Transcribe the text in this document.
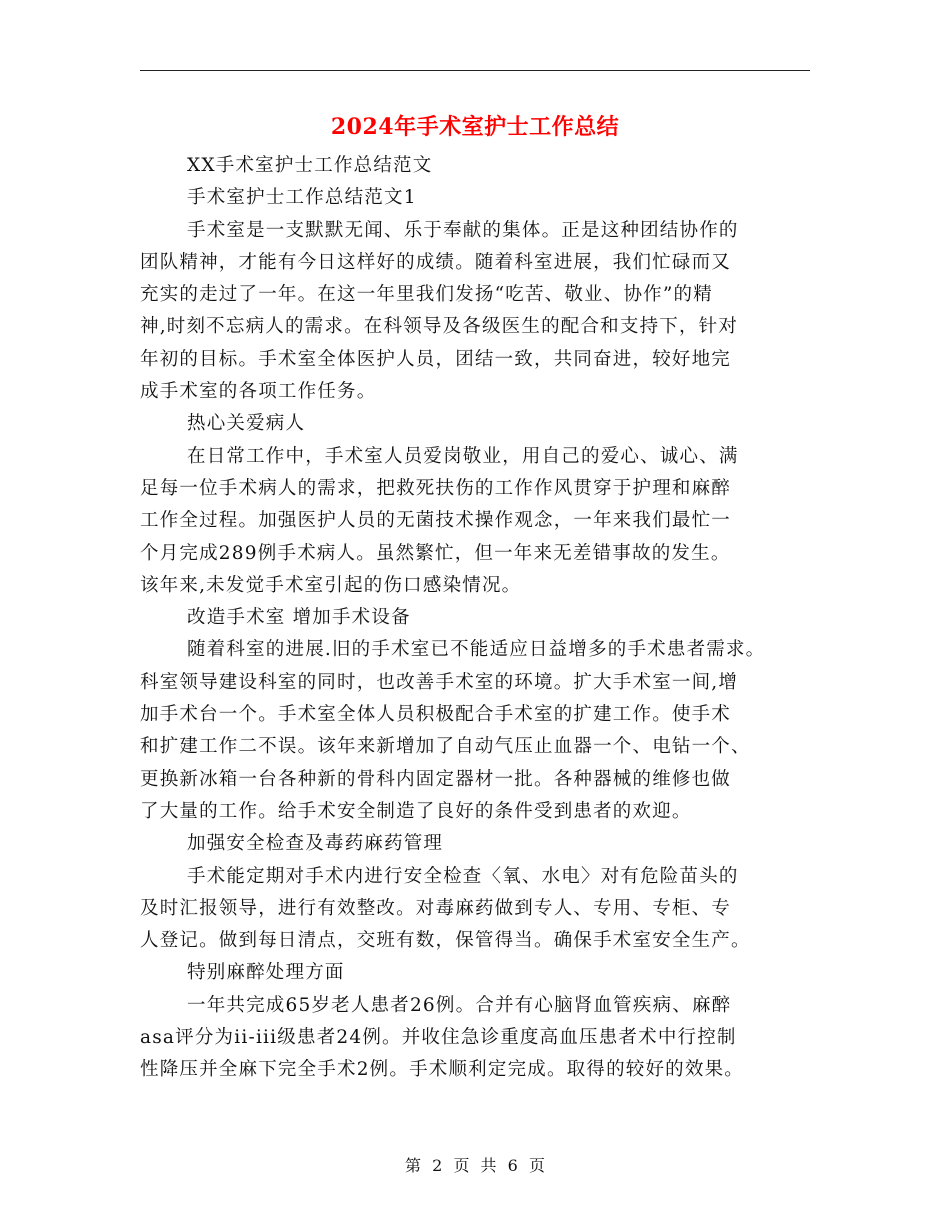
2024年手术室护士工作总结
XX手术室护士工作总结范文
手术室护士工作总结范文1
手术室是一支默默无闻、乐于奉献的集体。正是这种团结协作的
团队精神，才能有今日这样好的成绩。随着科室进展，我们忙碌而又
充实的走过了一年。在这一年里我们发扬“吃苦、敬业、协作”的精
神,时刻不忘病人的需求。在科领导及各级医生的配合和支持下，针对
年初的目标。手术室全体医护人员，团结一致，共同奋进，较好地完
成手术室的各项工作任务。
热心关爱病人
在日常工作中，手术室人员爱岗敬业，用自己的爱心、诚心、满
足每一位手术病人的需求，把救死扶伤的工作作风贯穿于护理和麻醉
工作全过程。加强医护人员的无菌技术操作观念，一年来我们最忙一
个月完成289例手术病人。虽然繁忙，但一年来无差错事故的发生。
该年来,未发觉手术室引起的伤口感染情况。
改造手术室 增加手术设备
随着科室的进展.旧的手术室已不能适应日益增多的手术患者需求。
科室领导建设科室的同时，也改善手术室的环境。扩大手术室一间,增
加手术台一个。手术室全体人员积极配合手术室的扩建工作。使手术
和扩建工作二不误。该年来新增加了自动气压止血器一个、电钻一个、
更换新冰箱一台各种新的骨科内固定器材一批。各种器械的维修也做
了大量的工作。给手术安全制造了良好的条件受到患者的欢迎。
加强安全检查及毒药麻药管理
手术能定期对手术内进行安全检查〈氧、水电〉对有危险苗头的
及时汇报领导，进行有效整改。对毒麻药做到专人、专用、专柜、专
人登记。做到每日清点，交班有数，保管得当。确保手术室安全生产。
特别麻醉处理方面
一年共完成65岁老人患者26例。合并有心脑肾血管疾病、麻醉
asa评分为ii-iii级患者24例。并收住急诊重度高血压患者术中行控制
性降压并全麻下完全手术2例。手术顺利定完成。取得的较好的效果。
第 2 页 共 6 页
